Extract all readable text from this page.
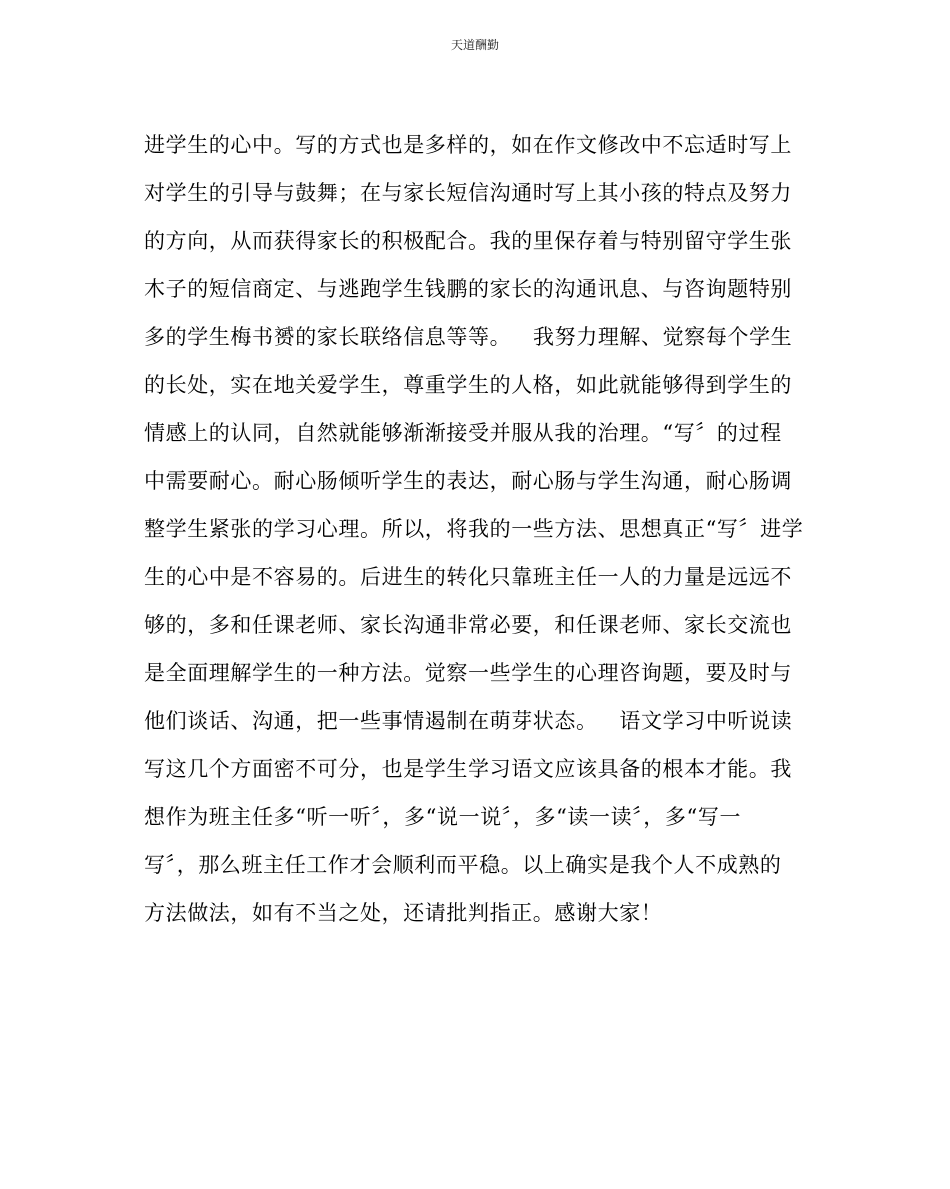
天道酬勤
进学生的心中。写的方式也是多样的，如在作文修改中不忘适时写上
对学生的引导与鼓舞；在与家长短信沟通时写上其小孩的特点及努力
的方向，从而获得家长的积极配合。我的里保存着与特别留守学生张
木子的短信商定、与逃跑学生钱鹏的家长的沟通讯息、与咨询题特别
多的学生梅书赟的家长联络信息等等。   我努力理解、觉察每个学生
的长处，实在地关爱学生，尊重学生的人格，如此就能够得到学生的
情感上的认同，自然就能够渐渐接受并服从我的治理。“写〞的过程
中需要耐心。耐心肠倾听学生的表达，耐心肠与学生沟通，耐心肠调
整学生紧张的学习心理。所以，将我的一些方法、思想真正“写〞进学
生的心中是不容易的。后进生的转化只靠班主任一人的力量是远远不
够的，多和任课老师、家长沟通非常必要，和任课老师、家长交流也
是全面理解学生的一种方法。觉察一些学生的心理咨询题，要及时与
他们谈话、沟通，把一些事情遏制在萌芽状态。   语文学习中听说读
写这几个方面密不可分，也是学生学习语文应该具备的根本才能。我
想作为班主任多“听一听〞，多“说一说〞，多“读一读〞，多“写一
写〞，那么班主任工作才会顺利而平稳。以上确实是我个人不成熟的
方法做法，如有不当之处，还请批判指正。感谢大家！
